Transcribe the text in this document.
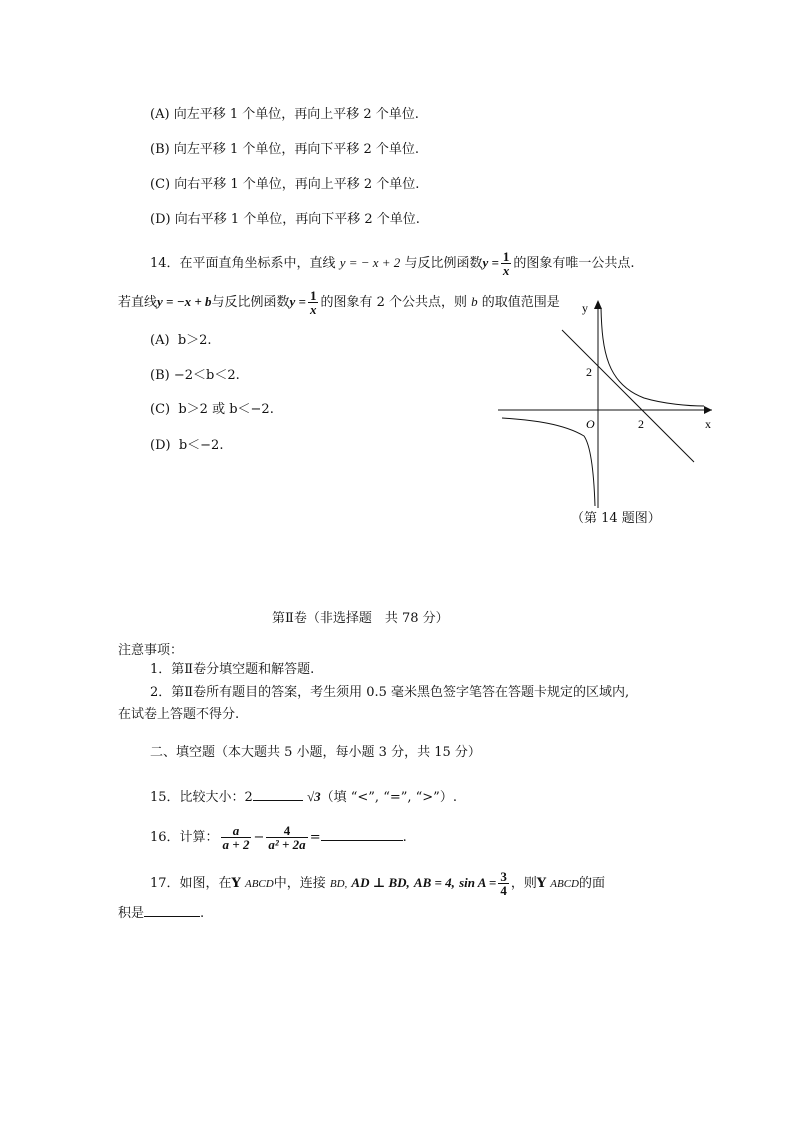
(A) 向左平移 1 个单位，再向上平移 2 个单位.
(B) 向左平移 1 个单位，再向下平移 2 个单位.
(C) 向右平移 1 个单位，再向上平移 2 个单位.
(D) 向右平移 1 个单位，再向下平移 2 个单位.
14．在平面直角坐标系中，直线 y = − x + 2 与反比例函数$y = \frac{1}{x}$ 的图象有唯一公共点.
若直线y = −x + b与反比例函数$y = \frac{1}{x}$ 的图象有 2 个公共点，则 b 的取值范围是
(A) b＞2.
(B) −2＜b＜2.
(C) b＞2 或 b＜−2.
(D) b＜−2.
y
x
O
2
2
（第 14 题图）
第Ⅱ卷（非选择题　共 78 分）
注意事项：
1．第Ⅱ卷分填空题和解答题.
2．第Ⅱ卷所有题目的答案，考生须用 0.5 毫米黑色签字笔答在答题卡规定的区域内,
在试卷上答题不得分.
二、填空题（本大题共 5 小题，每小题 3 分，共 15 分）
15．比较大小：2	√3（填 “<”, “=”, “>”）.
16．计算： $\frac{a}{a + 2} - \frac{4}{\text{a² + 2a}}$ =	.
17．如图，在Y ABCD中，连接 BD, AD ⊥ BD, AB = 4, $\sin A = \frac{3}{4}$ ，则Y ABCD的面
积是	.
